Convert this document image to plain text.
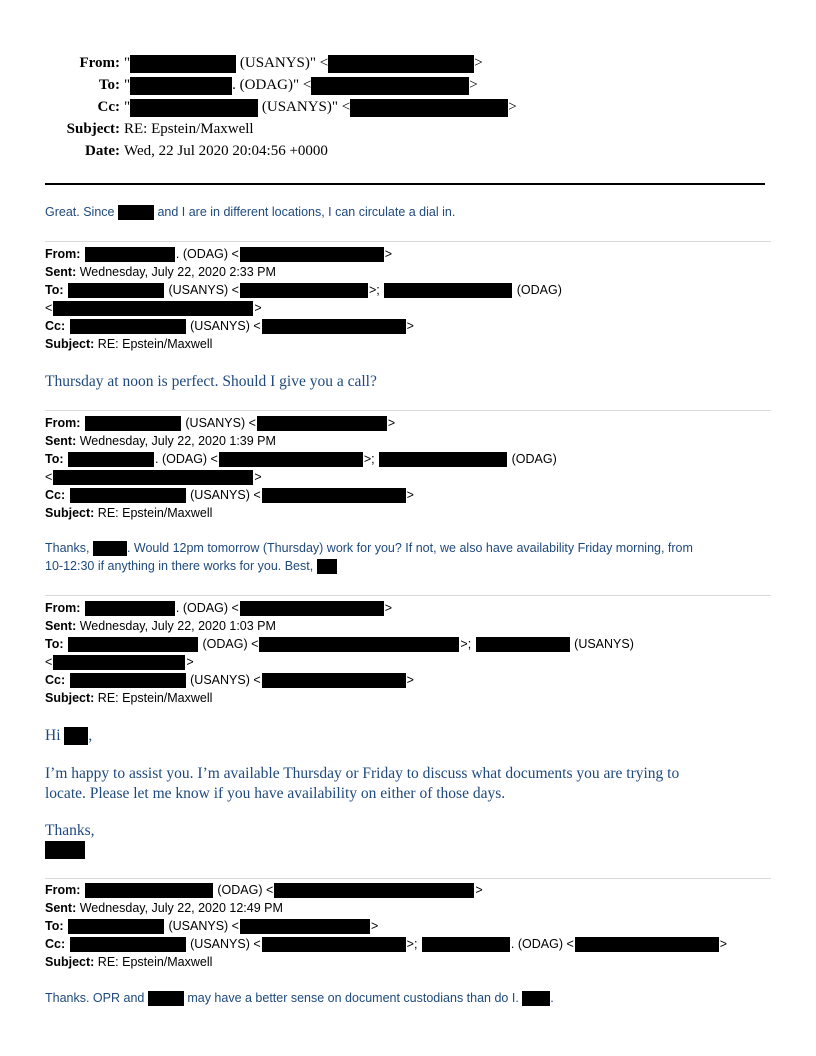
From: "	(USANYS)" <	>
To: "	. (ODAG)" <	>
Cc: "	(USANYS)" <	>
Subject: RE: Epstein/Maxwell
Date: Wed, 22 Jul 2020 20:04:56 +0000
Great. Since	and I are in different locations, I can circulate a dial in.
From:	. (ODAG) <	>
Sent: Wednesday, July 22, 2020 2:33 PM
To:	(USANYS) <	>;	(ODAG)
<	>
Cc:	(USANYS) <	>
Subject: RE: Epstein/Maxwell
Thursday at noon is perfect. Should I give you a call?
From:	(USANYS) <	>
Sent: Wednesday, July 22, 2020 1:39 PM
To:	. (ODAG) <	>;	(ODAG)
<	>
Cc:	(USANYS) <	>
Subject: RE: Epstein/Maxwell
Thanks,	. Would 12pm tomorrow (Thursday) work for you? If not, we also have availability Friday morning, from
10-12:30 if anything in there works for you. Best,
From:	. (ODAG) <	>
Sent: Wednesday, July 22, 2020 1:03 PM
To:	(ODAG) <	>;	(USANYS)
<	>
Cc:	(USANYS) <	>
Subject: RE: Epstein/Maxwell
Hi ,
I’m happy to assist you. I’m available Thursday or Friday to discuss what documents you are trying to
locate. Please let me know if you have availability on either of those days.
Thanks,
From:	(ODAG) <	>
Sent: Wednesday, July 22, 2020 12:49 PM
To:	(USANYS) <	>
Cc:	(USANYS) <	>;	. (ODAG) <	>
Subject: RE: Epstein/Maxwell
Thanks. OPR and	may have a better sense on document custodians than do I.	.
